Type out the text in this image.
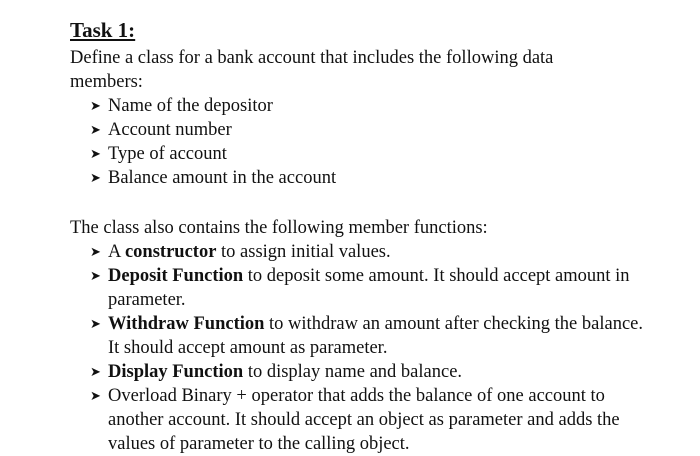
Task 1:

Define a class for a bank account that includes the following data members:

➤ Name of the depositor
➤ Account number
➤ Type of account
➤ Balance amount in the account

The class also contains the following member functions:

➤ A constructor to assign initial values.
➤ Deposit Function to deposit some amount. It should accept amount in parameter.
➤ Withdraw Function to withdraw an amount after checking the balance. It should accept amount as parameter.
➤ Display Function to display name and balance.
➤ Overload Binary + operator that adds the balance of one account to another account. It should accept an object as parameter and adds the values of parameter to the calling object.
